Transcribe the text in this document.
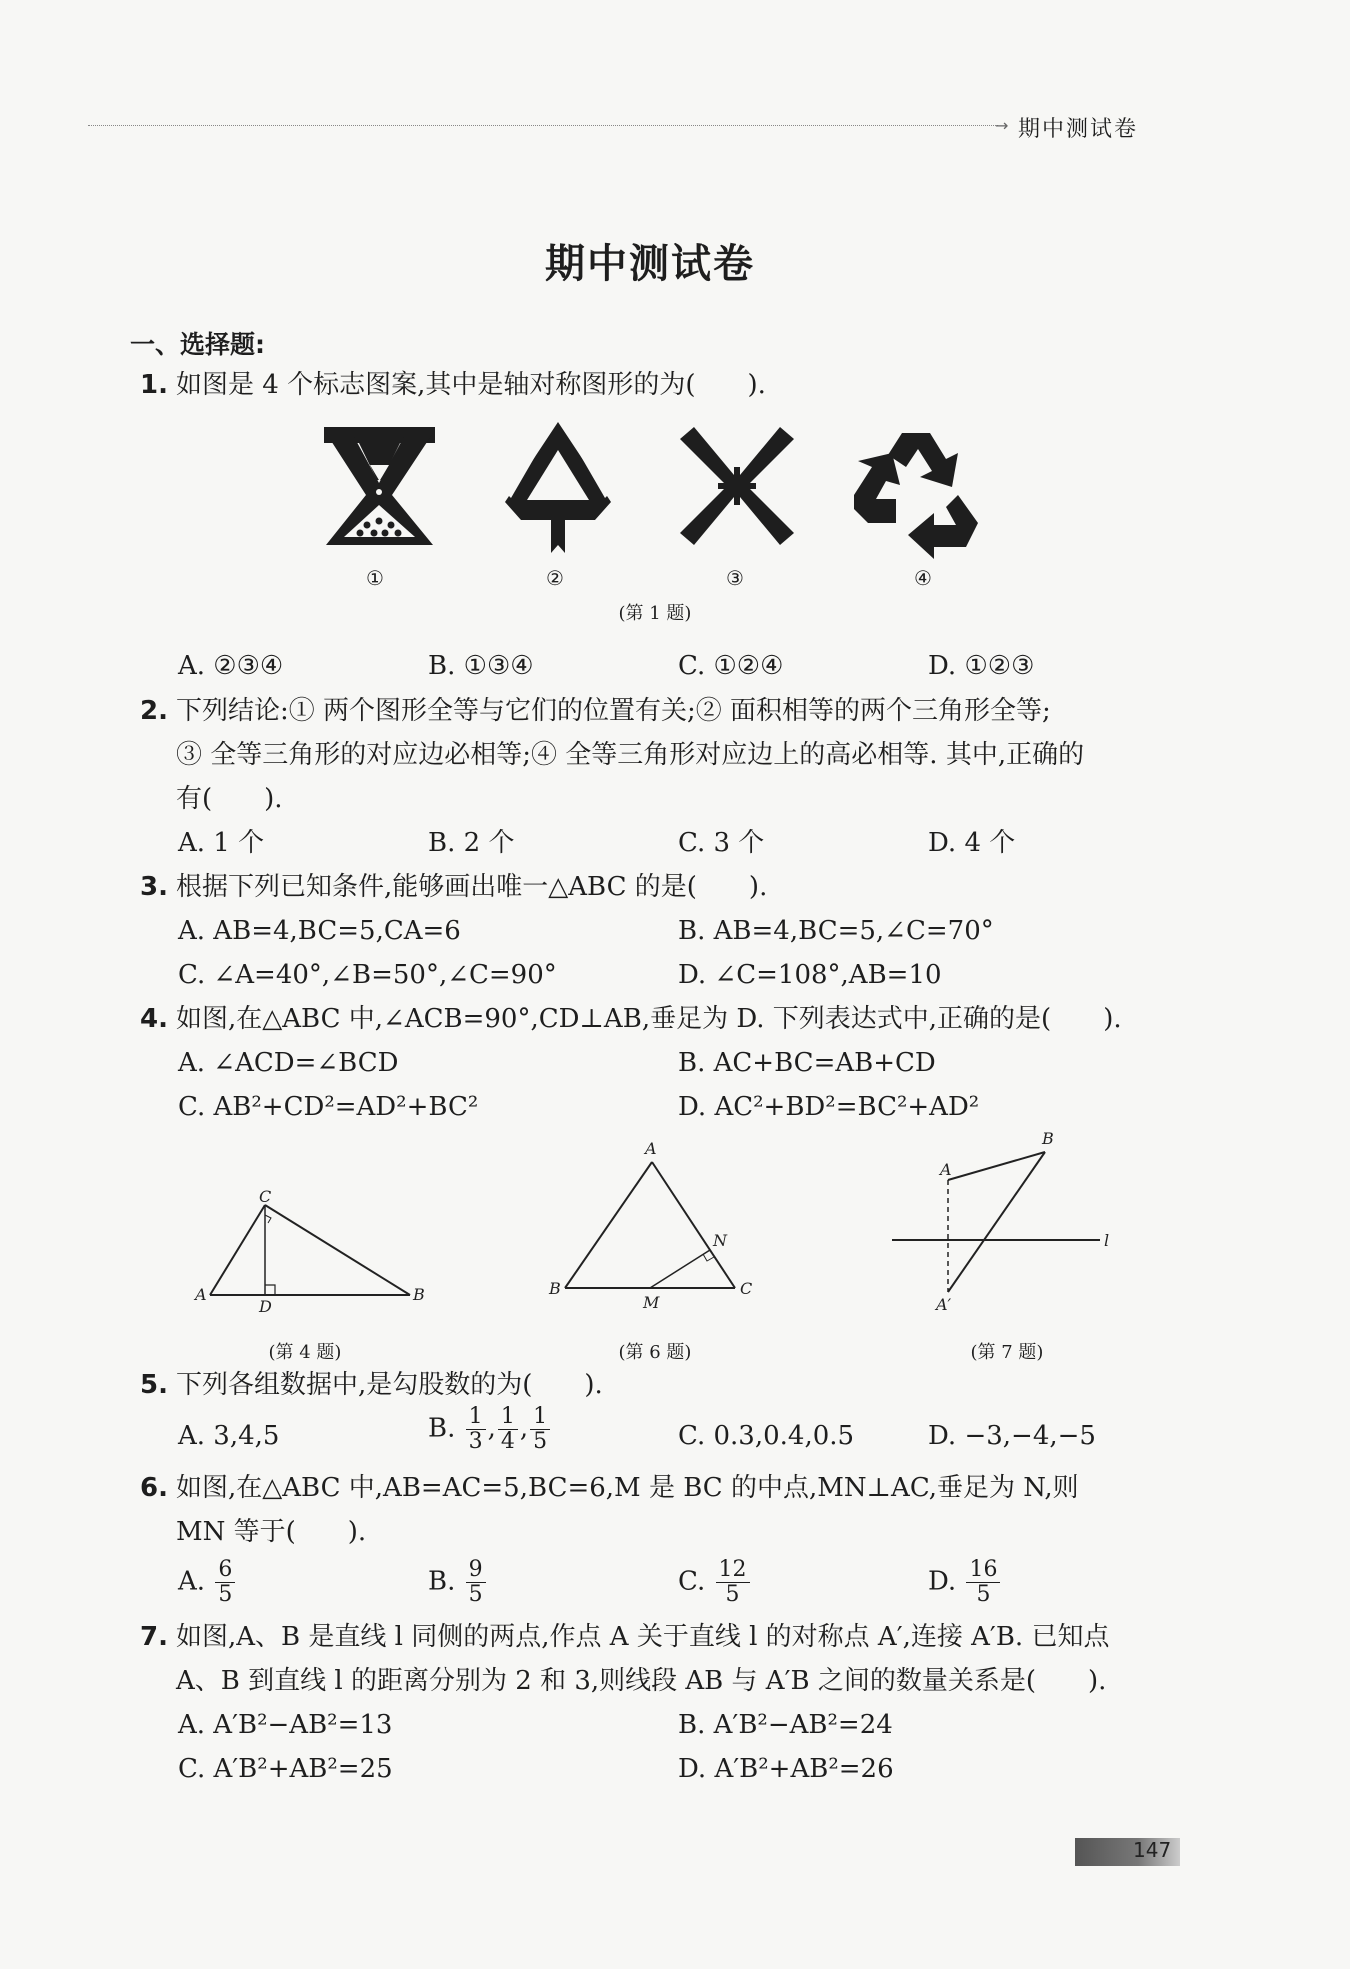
→ 期中测试卷
期中测试卷
一、选择题:
1. 如图是 4 个标志图案,其中是轴对称图形的为(　　).
①	②	③	④
(第 1 题)
A. ②③④	B. ①③④	C. ①②④	D. ①②③
2. 下列结论:① 两个图形全等与它们的位置有关;② 面积相等的两个三角形全等;
③ 全等三角形的对应边必相等;④ 全等三角形对应边上的高必相等. 其中,正确的
有(　　).
A. 1 个	B. 2 个	C. 3 个	D. 4 个
3. 根据下列已知条件,能够画出唯一△ABC 的是(　　).
A. AB=4,BC=5,CA=6	B. AB=4,BC=5,∠C=70°
C. ∠A=40°,∠B=50°,∠C=90°	D. ∠C=108°,AB=10
4. 如图,在△ABC 中,∠ACB=90°,CD⊥AB,垂足为 D. 下列表达式中,正确的是(　　).
A. ∠ACD=∠BCD	B. AC+BC=AB+CD
C. AB²+CD²=AD²+BC²	D. AC²+BD²=BC²+AD²
C
A
D
B
(第 4 题)
A
N
B
M
C
(第 6 题)
B
A
l
A′
(第 7 题)
5. 下列各组数据中,是勾股数的为(　　).
A. 3,4,5	B. $\frac{1}{3}$ , $\frac{1}{4}$ , $\frac{1}{5}$	C. 0.3,0.4,0.5	D. −3,−4,−5
6. 如图,在△ABC 中,AB=AC=5,BC=6,M 是 BC 的中点,MN⊥AC,垂足为 N,则
MN 等于(　　).
A. $\frac{6}{5}$	B. $\frac{9}{5}$	C. $\frac{12}{5}$	D. $\frac{16}{5}$
7. 如图,A、B 是直线 l 同侧的两点,作点 A 关于直线 l 的对称点 A′,连接 A′B. 已知点
A、B 到直线 l 的距离分别为 2 和 3,则线段 AB 与 A′B 之间的数量关系是(　　).
A. A′B²−AB²=13	B. A′B²−AB²=24
C. A′B²+AB²=25	D. A′B²+AB²=26
147
